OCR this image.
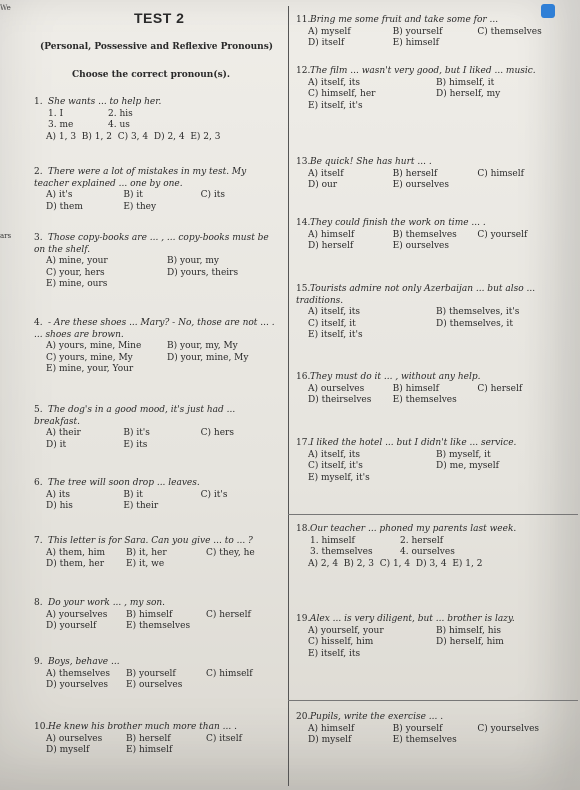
We
ars
TEST 2
(Personal, Possessive and Reflexive Pronouns)
Choose the correct pronoun(s).
1. She wants ... to help her.
1. I	2. his
3. me	4. us
A) 1, 3 B) 1, 2 C) 3, 4 D) 2, 4 E) 2, 3
2. There were a lot of mistakes in my test. My teacher explained ... one by one.
A) it's	B) it	C) its
D) them	E) they
3. Those copy-books are ... , ... copy-books must be on the shelf.
A) mine, your	B) your, my
C) your, hers	D) yours, theirs
E) mine, ours
4. - Are these shoes ... Mary? - No, those are not ... . ... shoes are brown.
A) yours, mine, Mine	B) your, my, My
C) yours, mine, My	D) your, mine, My
E) mine, your, Your
5. The dog's in a good mood, it's just had ... breakfast.
A) their	B) it's	C) hers
D) it	E) its
6. The tree will soon drop ... leaves.
A) its	B) it	C) it's
D) his	E) their
7. This letter is for Sara. Can you give ... to ... ?
A) them, him	B) it, her	C) they, he
D) them, her	E) it, we
8. Do your work ... , my son.
A) yourselves	B) himself	C) herself
D) yourself	E) themselves
9. Boys, behave ...
A) themselves	B) yourself	C) himself
D) yourselves	E) ourselves
10.He knew his brother much more than ... .
A) ourselves	B) herself	C) itself
D) myself	E) himself
11.Bring me some fruit and take some for ...
A) myself	B) yourself	C) themselves
D) itself	E) himself
12.The film ... wasn't very good, but I liked ... music.
A) itself, its	B) himself, it
C) himself, her	D) herself, my
E) itself, it's
13.Be quick! She has hurt ... .
A) itself	B) herself	C) himself
D) our	E) ourselves
14.They could finish the work on time ... .
A) himself	B) themselves	C) yourself
D) herself	E) ourselves
15.Tourists admire not only Azerbaijan ... but also ... traditions.
A) itself, its	B) themselves, it's
C) itself, it	D) themselves, it
E) itself, it's
16.They must do it ... , without any help.
A) ourselves	B) himself	C) herself
D) theirselves	E) themselves
17.I liked the hotel ... but I didn't like ... service.
A) itself, its	B) myself, it
C) itself, it's	D) me, myself
E) myself, it's
18.Our teacher ... phoned my parents last week.
1. himself	2. herself
3. themselves	4. ourselves
A) 2, 4 B) 2, 3 C) 1, 4 D) 3, 4 E) 1, 2
19.Alex ... is very diligent, but ... brother is lazy.
A) yourself, your	B) himself, his
C) hisself, him	D) herself, him
E) itself, its
20.Pupils, write the exercise ... .
A) himself	B) yourself	C) yourselves
D) myself	E) themselves
